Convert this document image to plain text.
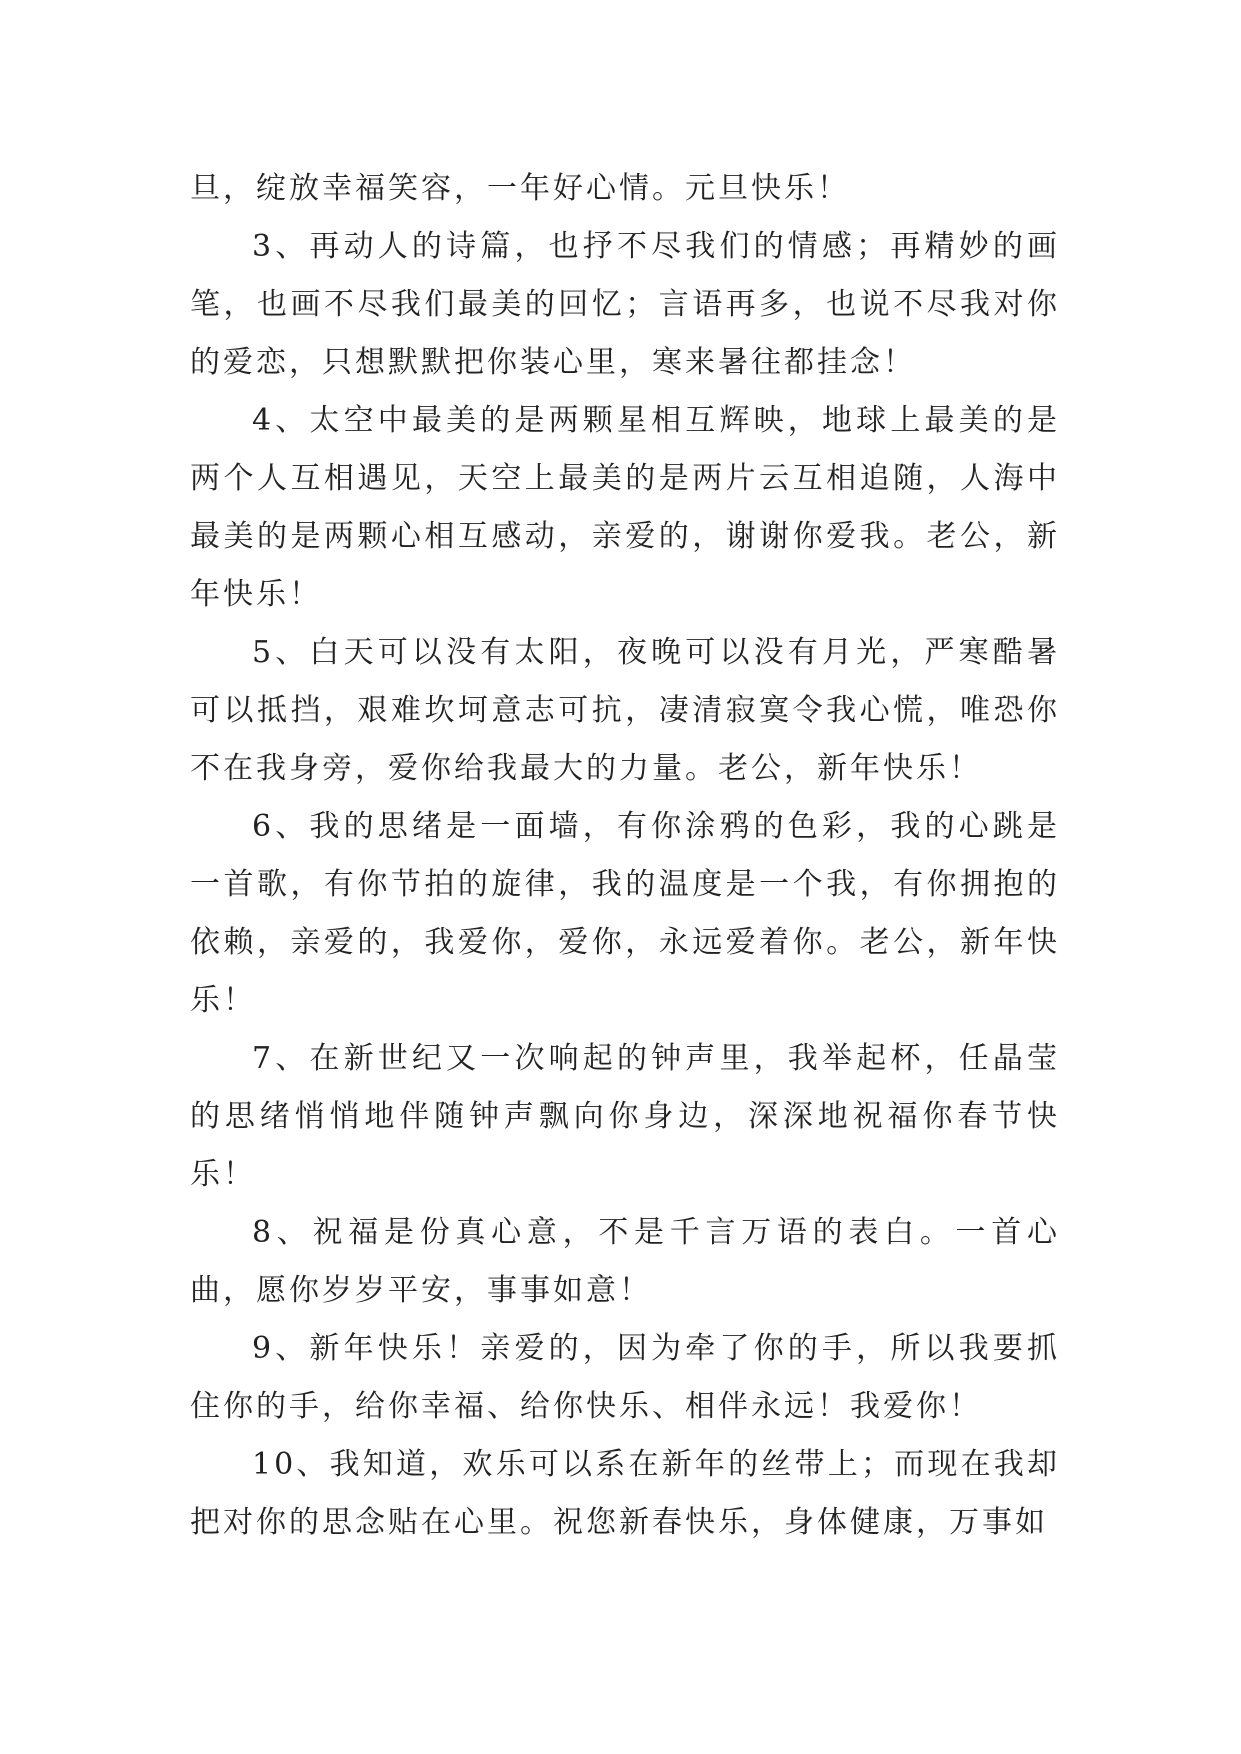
旦，绽放幸福笑容，一年好心情。元旦快乐！

3、再动人的诗篇，也抒不尽我们的情感；再精妙的画笔，也画不尽我们最美的回忆；言语再多，也说不尽我对你的爱恋，只想默默把你装心里，寒来暑往都挂念！

4、太空中最美的是两颗星相互辉映，地球上最美的是两个人互相遇见，天空上最美的是两片云互相追随，人海中最美的是两颗心相互感动，亲爱的，谢谢你爱我。老公，新年快乐！

5、白天可以没有太阳，夜晚可以没有月光，严寒酷暑可以抵挡，艰难坎坷意志可抗，凄清寂寞令我心慌，唯恐你不在我身旁，爱你给我最大的力量。老公，新年快乐！

6、我的思绪是一面墙，有你涂鸦的色彩，我的心跳是一首歌，有你节拍的旋律，我的温度是一个我，有你拥抱的依赖，亲爱的，我爱你，爱你，永远爱着你。老公，新年快乐！

7、在新世纪又一次响起的钟声里，我举起杯，任晶莹的思绪悄悄地伴随钟声飘向你身边，深深地祝福你春节快乐！

8、祝福是份真心意，不是千言万语的表白。一首心曲，愿你岁岁平安，事事如意！

9、新年快乐！亲爱的，因为牵了你的手，所以我要抓住你的手，给你幸福、给你快乐、相伴永远！我爱你！

10、我知道，欢乐可以系在新年的丝带上；而现在我却把对你的思念贴在心里。祝您新春快乐，身体健康，万事如
